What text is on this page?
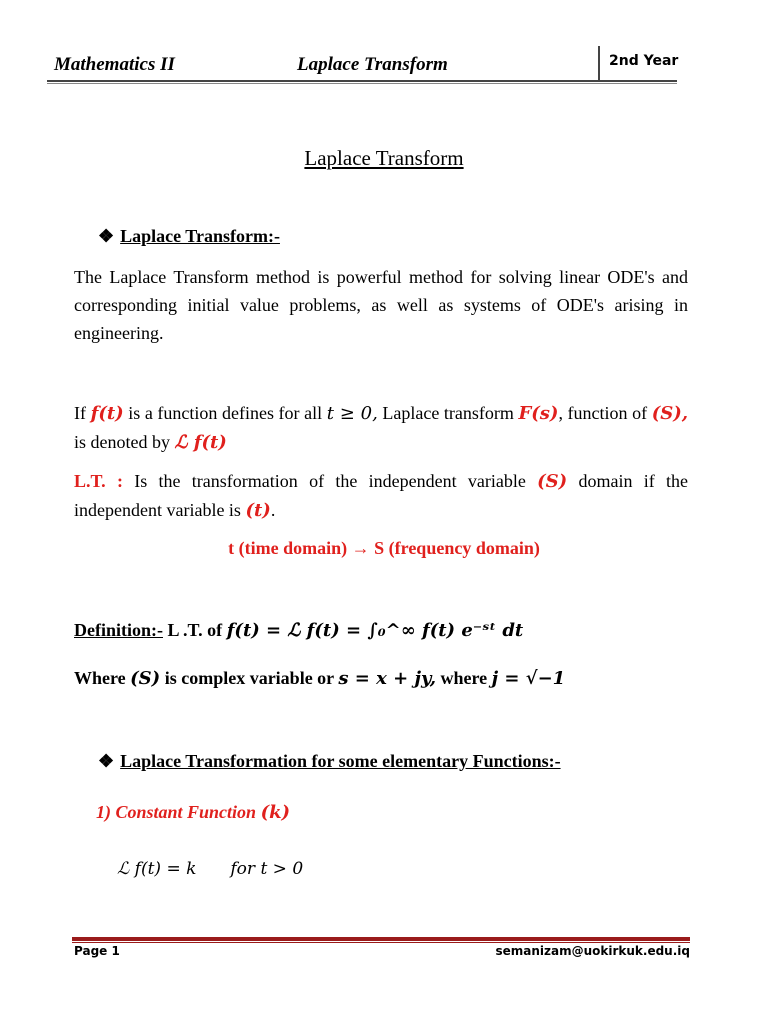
Mathematics II	Laplace Transform	2nd Year
Laplace Transform
❖ Laplace Transform:-
The Laplace Transform method is powerful method for solving linear ODE's and corresponding initial value problems, as well as systems of ODE's arising in engineering.
If f(t) is a function defines for all t ≥ 0, Laplace transform F(s), function of (S), is denoted by ℒ f(t)
L.T. : Is the transformation of the independent variable (S) domain if the independent variable is (t).
t (time domain) → S (frequency domain)
Definition:- L .T. of f(t) = ℒ f(t) = ∫₀^∞ f(t) e⁻ˢᵗ dt
Where (S) is complex variable or s = x + jy, where j = √−1
❖ Laplace Transformation for some elementary Functions:-
1) Constant Function (k)
ℒ f(t) = k for t > 0
Page 1	semanizam@uokirkuk.edu.iq
